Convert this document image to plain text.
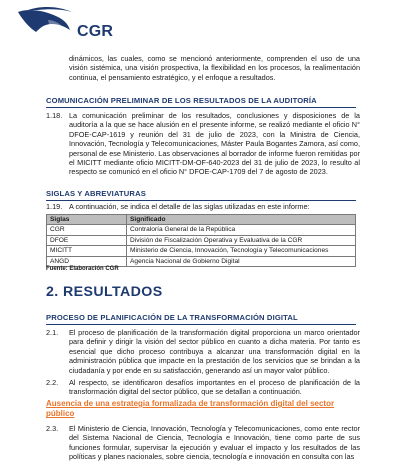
CGR

dinámicos, las cuales, como se mencionó anteriormente, comprenden el uso de una visión sistémica, una visión prospectiva, la flexibilidad en los procesos, la realimentación continua, el pensamiento estratégico, y el enfoque a resultados.

COMUNICACIÓN PRELIMINAR DE LOS RESULTADOS DE LA AUDITORÍA
1.18. La comunicación preliminar de los resultados, conclusiones y disposiciones de la auditoría a la que se hace alusión en el presente informe, se realizó mediante el oficio N° DFOE-CAP-1619 y reunión del 31 de julio de 2023, con la Ministra de Ciencia, Innovación, Tecnología y Telecomunicaciones, Máster Paula Bogantes Zamora, así como, personal de ese Ministerio. Las observaciones al borrador de informe fueron remitidas por el MICITT mediante oficio MICITT-DM-OF-640-2023 del 31 de julio de 2023, lo resulto al respecto se comunicó en el oficio N° DFOE-CAP-1709 del 7 de agosto de 2023.

SIGLAS Y ABREVIATURAS
1.19. A continuación, se indica el detalle de las siglas utilizadas en este informe:

Siglas	Significado
CGR	Contraloría General de la República
DFOE	División de Fiscalización Operativa y Evaluativa de la CGR
MICITT	Ministerio de Ciencia, Innovación, Tecnología y Telecomunicaciones
ANGD	Agencia Nacional de Gobierno Digital
Fuente: Elaboración CGR
2. RESULTADOS
PROCESO DE PLANIFICACIÓN DE LA TRANSFORMACIÓN DIGITAL
2.1. El proceso de planificación de la transformación digital proporciona un marco orientador para definir y dirigir la visión del sector público en cuanto a dicha materia. Por tanto es esencial que dicho proceso contribuya a alcanzar una transformación digital en la administración pública que impacte en la prestación de los servicios que se brindan a la ciudadanía y por ende en su satisfacción, generando así un mayor valor público.

2.2. Al respecto, se identificaron desafíos importantes en el proceso de planificación de la transformación digital del sector público, que se detallan a continuación.

Ausencia de una estrategia formalizada de transformación digital del sector público
2.3. El Ministerio de Ciencia, Innovación, Tecnología y Telecomunicaciones, como ente rector del Sistema Nacional de Ciencia, Tecnología e Innovación, tiene como parte de sus funciones formular, supervisar la ejecución y evaluar el impacto y los resultados de las políticas y planes nacionales, sobre ciencia, tecnología e innovación en consulta con las
